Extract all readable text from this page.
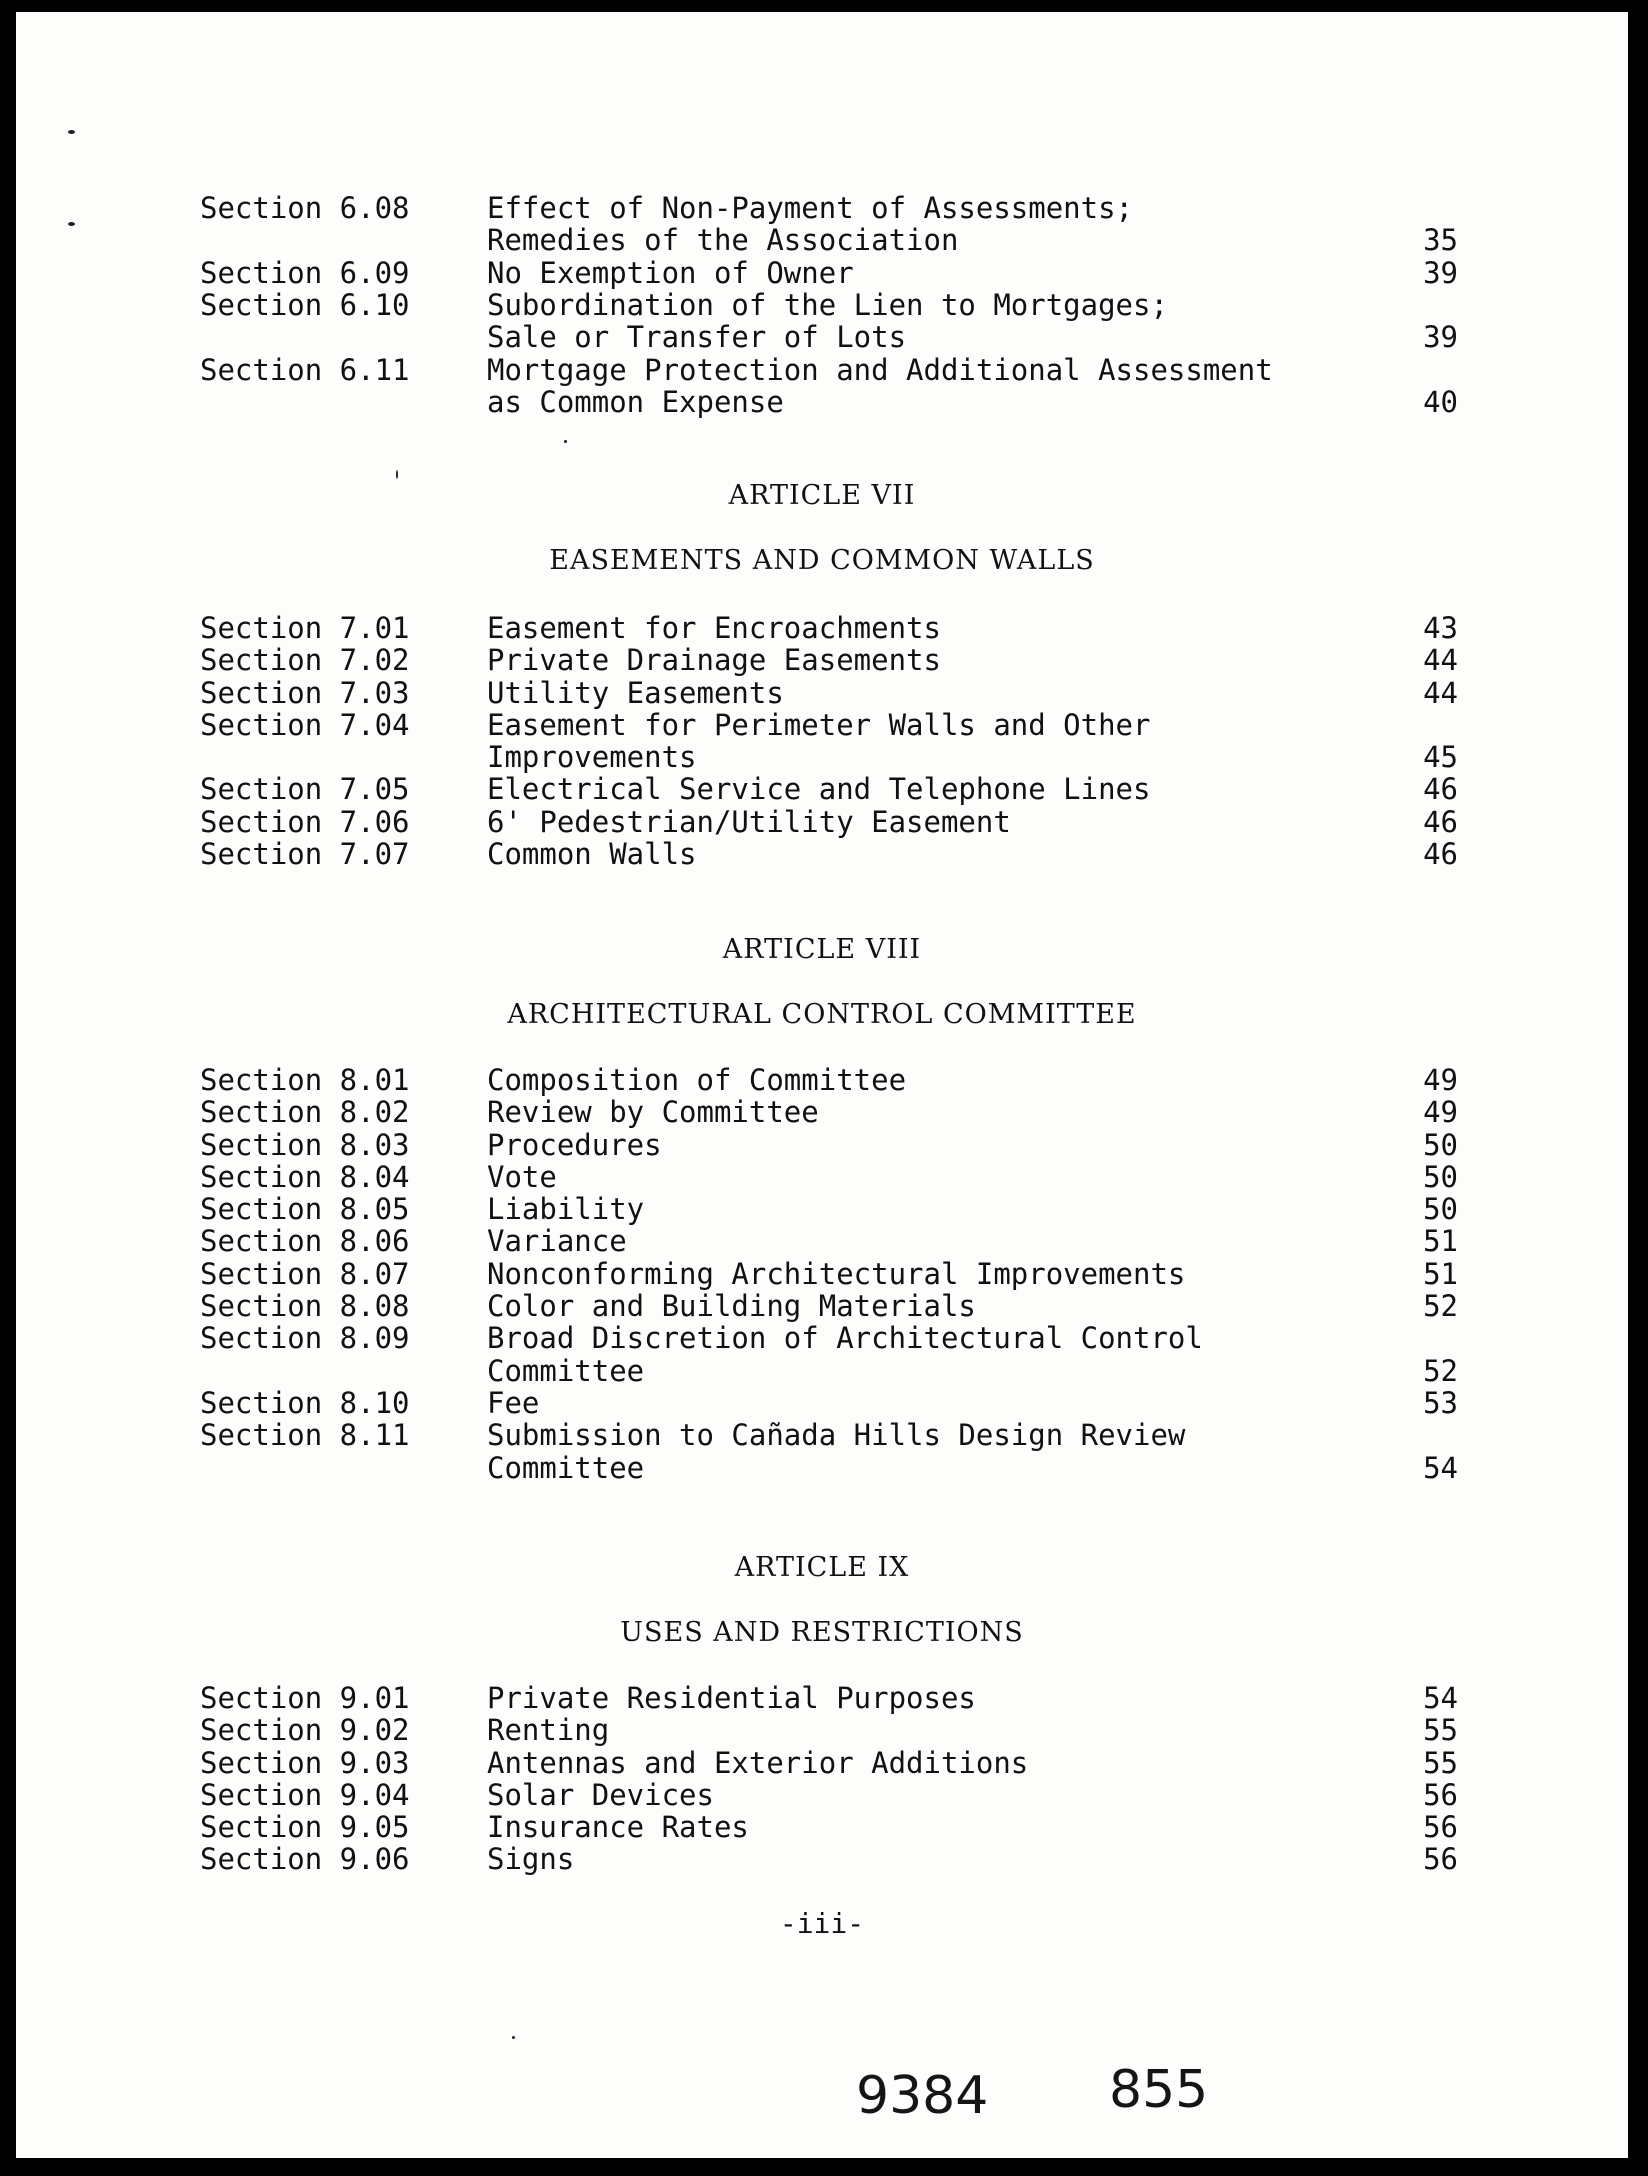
Section 6.08	Effect of Non-Payment of Assessments;
Remedies of the Association	35
Section 6.09	No Exemption of Owner	39
Section 6.10	Subordination of the Lien to Mortgages;
Sale or Transfer of Lots	39
Section 6.11	Mortgage Protection and Additional Assessment
as Common Expense	40
ARTICLE VII
EASEMENTS AND COMMON WALLS
Section 7.01	Easement for Encroachments	43
Section 7.02	Private Drainage Easements	44
Section 7.03	Utility Easements	44
Section 7.04	Easement for Perimeter Walls and Other
Improvements	45
Section 7.05	Electrical Service and Telephone Lines	46
Section 7.06	6' Pedestrian/Utility Easement	46
Section 7.07	Common Walls	46
ARTICLE VIII
ARCHITECTURAL CONTROL COMMITTEE
Section 8.01	Composition of Committee	49
Section 8.02	Review by Committee	49
Section 8.03	Procedures	50
Section 8.04	Vote	50
Section 8.05	Liability	50
Section 8.06	Variance	51
Section 8.07	Nonconforming Architectural Improvements	51
Section 8.08	Color and Building Materials	52
Section 8.09	Broad Discretion of Architectural Control
Committee	52
Section 8.10	Fee	53
Section 8.11	Submission to Cañada Hills Design Review
Committee	54
ARTICLE IX
USES AND RESTRICTIONS
Section 9.01	Private Residential Purposes	54
Section 9.02	Renting	55
Section 9.03	Antennas and Exterior Additions	55
Section 9.04	Solar Devices	56
Section 9.05	Insurance Rates	56
Section 9.06	Signs	56
-iii-
9384 855
